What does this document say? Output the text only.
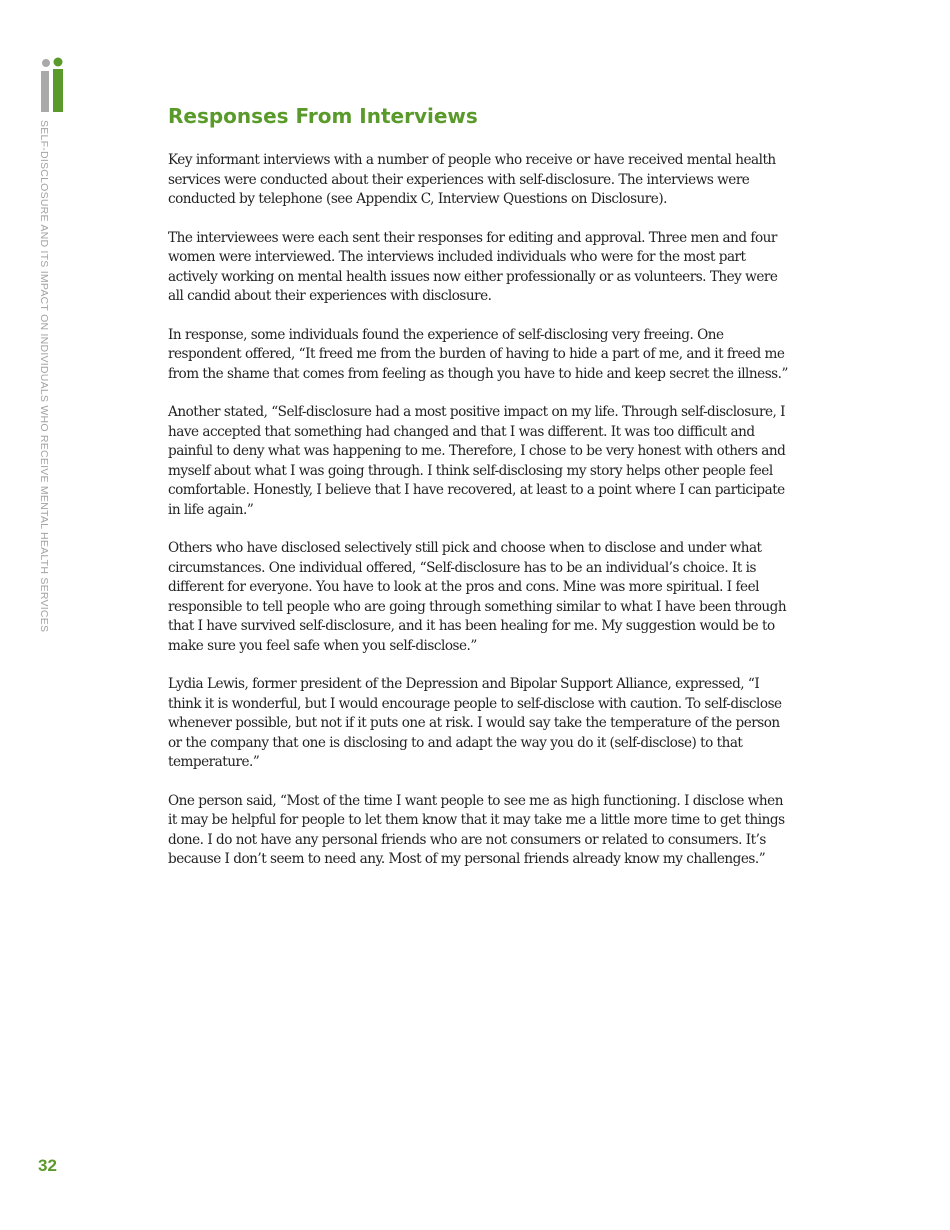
SELF-DISCLOSURE AND ITS IMPACT ON INDIVIDUALS WHO RECEIVE MENTAL HEALTH SERVICES
Responses From Interviews

Key informant interviews with a number of people who receive or have received mental health services were conducted about their experiences with self-disclosure. The interviews were conducted by telephone (see Appendix C, Interview Questions on Disclosure).

The interviewees were each sent their responses for editing and approval. Three men and four women were interviewed. The interviews included individuals who were for the most part actively working on mental health issues now either professionally or as volunteers. They were all candid about their experiences with disclosure.

In response, some individuals found the experience of self-disclosing very freeing. One respondent offered, “It freed me from the burden of having to hide a part of me, and it freed me from the shame that comes from feeling as though you have to hide and keep secret the illness.”

Another stated, “Self-disclosure had a most positive impact on my life. Through self-disclosure, I have accepted that something had changed and that I was different. It was too difficult and painful to deny what was happening to me. Therefore, I chose to be very honest with others and myself about what I was going through. I think self-disclosing my story helps other people feel comfortable. Honestly, I believe that I have recovered, at least to a point where I can participate in life again.”

Others who have disclosed selectively still pick and choose when to disclose and under what circumstances. One individual offered, “Self-disclosure has to be an individual’s choice. It is different for everyone. You have to look at the pros and cons. Mine was more spiritual. I feel responsible to tell people who are going through something similar to what I have been through that I have survived self-disclosure, and it has been healing for me. My suggestion would be to make sure you feel safe when you self-disclose.”

Lydia Lewis, former president of the Depression and Bipolar Support Alliance, expressed, “I think it is wonderful, but I would encourage people to self-disclose with caution. To self-disclose whenever possible, but not if it puts one at risk. I would say take the temperature of the person or the company that one is disclosing to and adapt the way you do it (self-disclose) to that temperature.”

One person said, “Most of the time I want people to see me as high functioning. I disclose when it may be helpful for people to let them know that it may take me a little more time to get things done. I do not have any personal friends who are not consumers or related to consumers. It’s because I don’t seem to need any. Most of my personal friends already know my challenges.”

32
